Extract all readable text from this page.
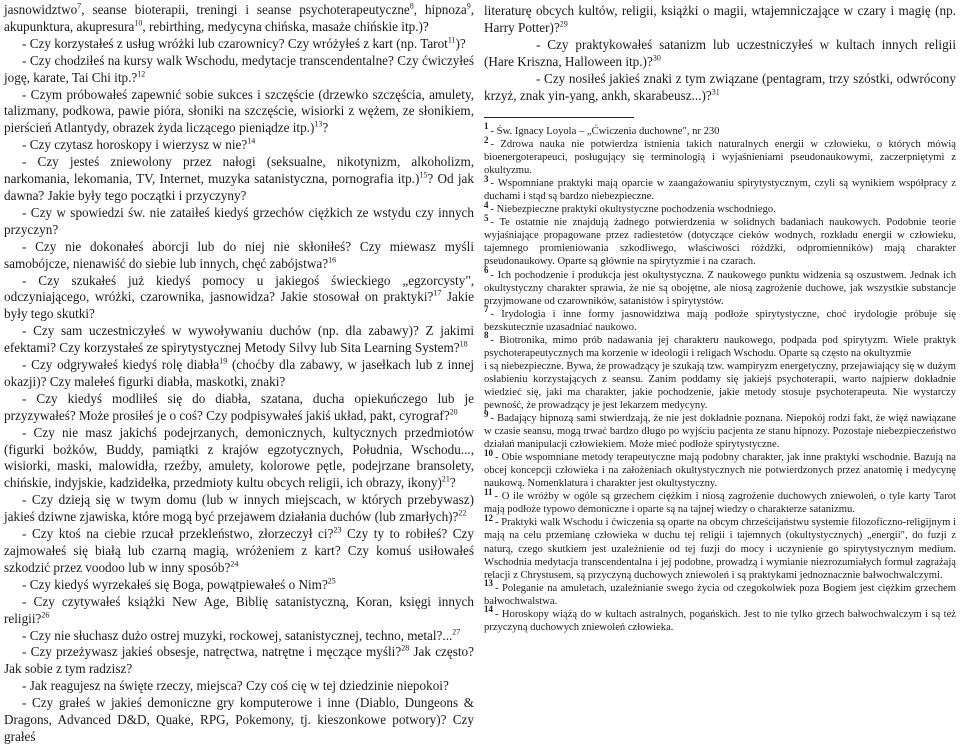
jasnowidztwo$^7$, seanse bioterapii, treningi i seanse psychoterapeutyczne$^8$, hipnoza$^9$, akupunktura, akupresura$^{10}$, rebirthing, medycyna chińska, masaże chińskie itp.)?

- Czy korzystałeś z usług wróżki lub czarownicy? Czy wróżyłeś z kart (np. Tarot$^{11}$)?

- Czy chodziłeś na kursy walk Wschodu, medytacje transcendentalne? Czy ćwiczyłeś jogę, karate, Tai Chi itp.?$^{12}$

- Czym próbowałeś zapewnić sobie sukces i szczęście (drzewko szczęścia, amulety, talizmany, podkowa, pawie pióra, słoniki na szczęście, wisiorki z wężem, ze słonikiem, pierścień Atlantydy, obrazek żyda liczącego pieniądze itp.)$^{13}$?

- Czy czytasz horoskopy i wierzysz w nie?$^{14}$

- Czy jesteś zniewolony przez nałogi (seksualne, nikotynizm, alkoholizm, narkomania, lekomania, TV, Internet, muzyka satanistyczna, pornografia itp.)$^{15}$? Od jak dawna? Jakie były tego początki i przyczyny?

- Czy w spowiedzi św. nie zataiłeś kiedyś grzechów ciężkich ze wstydu czy innych przyczyn?

- Czy nie dokonałeś aborcji lub do niej nie skłoniłeś? Czy miewasz myśli samobójcze, nienawiść do siebie lub innych, chęć zabójstwa?$^{16}$

- Czy szukałeś już kiedyś pomocy u jakiegoś świeckiego „egzorcysty", odczyniającego, wróżki, czarownika, jasnowidza? Jakie stosował on praktyki?$^{17}$ Jakie były tego skutki?

- Czy sam uczestniczyłeś w wywoływaniu duchów (np. dla zabawy)? Z jakimi efektami? Czy korzystałeś ze spirytystycznej Metody Silvy lub Sita Learning System?$^{18}$

- Czy odgrywałeś kiedyś rolę diabła$^{19}$ (choćby dla zabawy, w jasełkach lub z innej okazji)? Czy malełeś figurki diabła, maskotki, znaki?

- Czy kiedyś modliłeś się do diabła, szatana, ducha opiekuńczego lub je przyzywałeś? Może prosiłeś je o coś? Czy podpisywałeś jakiś układ, pakt, cyrograf?$^{20}$

- Czy nie masz jakichś podejrzanych, demonicznych, kultycznych przedmiotów (figurki bożków, Buddy, pamiątki z krajów egzotycznych, Południa, Wschodu..., wisiorki, maski, malowidła, rzeźby, amulety, kolorowe pętle, podejrzane bransolety, chińskie, indyjskie, kadzidełka, przedmioty kultu obcych religii, ich obrazy, ikony)$^{21}$?

- Czy dzieją się w twym domu (lub w innych miejscach, w których przebywasz) jakieś dziwne zjawiska, które mogą być przejawem działania duchów (lub zmarłych)?$^{22}$

- Czy ktoś na ciebie rzucał przekleństwo, złorzeczył ci?$^{23}$ Czy ty to robiłeś? Czy zajmowałeś się białą lub czarną magią, wróżeniem z kart? Czy komuś usiłowałeś szkodzić przez voodoo lub w inny sposób?$^{24}$

- Czy kiedyś wyrzekałeś się Boga, powątpiewałeś o Nim?$^{25}$

- Czy czytywałeś książki New Age, Biblię satanistyczną, Koran, księgi innych religii?$^{26}$

- Czy nie słuchasz dużo ostrej muzyki, rockowej, satanistycznej, techno, metal?...$^{27}$

- Czy przeżywasz jakieś obsesje, natręctwa, natrętne i męczące myśli?$^{28}$ Jak często? Jak sobie z tym radzisz?

- Jak reagujesz na święte rzeczy, miejsca? Czy coś cię w tej dziedzinie niepokoi?

- Czy grałeś w jakieś demoniczne gry komputerowe i inne (Diablo, Dungeons & Dragons, Advanced D&D, Quake, RPG, Pokemony, tj. kieszonkowe potwory)? Czy grałeś

literaturę obcych kultów, religii, książki o magii, wtajemniczające w czary i magię (np. Harry Potter)?$^{29}$

- Czy praktykowałeś satanizm lub uczestniczyłeś w kultach innych religii (Hare Kriszna, Halloween itp.)?$^{30}$

- Czy nosiłeś jakieś znaki z tym związane (pentagram, trzy szóstki, odwrócony krzyż, znak yin-yang, ankh, skarabeusz...)?$^{31}$

$^1$ - Św. Ignacy Loyola – „Ćwiczenia duchowne", nr 230

$^2$ - Zdrowa nauka nie potwierdza istnienia takich naturalnych energii w człowieku, o których mówią bioenergoterapeuci, posługujący się terminologią i wyjaśnieniami pseudonaukowymi, zaczerpniętymi z okultyzmu.

$^3$ - Wspomniane praktyki mają oparcie w zaangażowaniu spirytystycznym, czyli są wynikiem współpracy z duchami i stąd są bardzo niebezpieczne.

$^4$ - Niebezpieczne praktyki okultystyczne pochodzenia wschodniego.

$^5$ - Te ostatnie nie znajdują żadnego potwierdzenia w solidnych badaniach naukowych. Podobnie teorie wyjaśniające propagowane przez radiestetów (dotyczące cieków wodnych, rozkładu energii w człowieku, tajemnego promieniowania szkodliwego, właściwości różdżki, odpromienników) mają charakter pseudonaukowy. Oparte są głównie na spirytyzmie i na czarach.

$^6$ - Ich pochodzenie i produkcja jest okultystyczna. Z naukowego punktu widzenia są oszustwem. Jednak ich okultystyczny charakter sprawia, że nie są obojętne, ale niosą zagrożenie duchowe, jak wszystkie substancje przyjmowane od czarowników, satanistów i spirytystów.

$^7$ - Irydologia i inne formy jasnowidztwa mają podłoże spirytystyczne, choć irydologie próbuje się bezskutecznie uzasadniać naukowo.

$^8$ - Biotronika, mimo prób nadawania jej charakteru naukowego, podpada pod spirytyzm. Wiele praktyk psychoterapeutycznych ma korzenie w ideologii i religach Wschodu. Oparte są często na okultyzmie

i są niebezpieczne. Bywa, że prowadzący je szukają tzw. wampiryzm energetyczny, przejawiający się w dużym osłabieniu korzystających z seansu. Zanim poddamy się jakiejś psychoterapii, warto najpierw dokładnie wiedzieć się, jaki ma charakter, jakie pochodzenie, jakie metody stosuje psychoterapeuta. Nie wystarczy pewność, że prowadzący je jest lekarzem medycyny.

$^9$ - Badający hipnozą sami stwierdzają, że nie jest dokładnie poznana. Niepokój rodzi fakt, że więź nawiązane w czasie seansu, mogą trwać bardzo długo po wyjściu pacjenta ze stanu hipnozy. Pozostaje niebezpieczeństwo działań manipulacji człowiekiem. Może mieć podłoże spirytystyczne.

$^{10}$ - Obie wspomniane metody terapeutyczne mają podobny charakter, jak inne praktyki wschodnie. Bazują na obcej koncepcji człowieka i na założeniach okultystycznych nie potwierdzonych przez anatomię i medycynę naukową. Nomenklatura i charakter jest okultystyczny.

$^{11}$ - O ile wróżby w ogóle są grzechem ciężkim i niosą zagrożenie duchowych zniewoleń, o tyle karty Tarot mają podłoże typowo demoniczne i oparte są na tajnej wiedzy o charakterze satanizmu.

$^{12}$ - Praktyki walk Wschodu i ćwiczenia są oparte na obcym chrześcijaństwu systemie filozoficzno-religijnym i mają na celu przemianę człowieka w duchu tej religii i tajemnych (okultystycznych) „energii", do fuzji z naturą, czego skutkiem jest uzależnienie od tej fuzji do mocy i uczynienie go spirytystycznym medium. Wschodnia medytacja transcendentalna i jej podobne, prowadzą i wymianie niezrozumiałych formuł zagrażają relacji z Chrystusem, są przyczyną duchowych zniewoleń i są praktykami jednoznacznie bałwochwalczymi.

$^{13}$ - Poleganie na amuletach, uzależnianie swego życia od czegokolwiek poza Bogiem jest ciężkim grzechem bałwochwalstwa.

$^{14}$ - Horoskopy wiążą do w kultach astralnych, pogańskich. Jest to nie tylko grzech bałwochwalczym i są też przyczyną duchowych zniewoleń człowieka.
